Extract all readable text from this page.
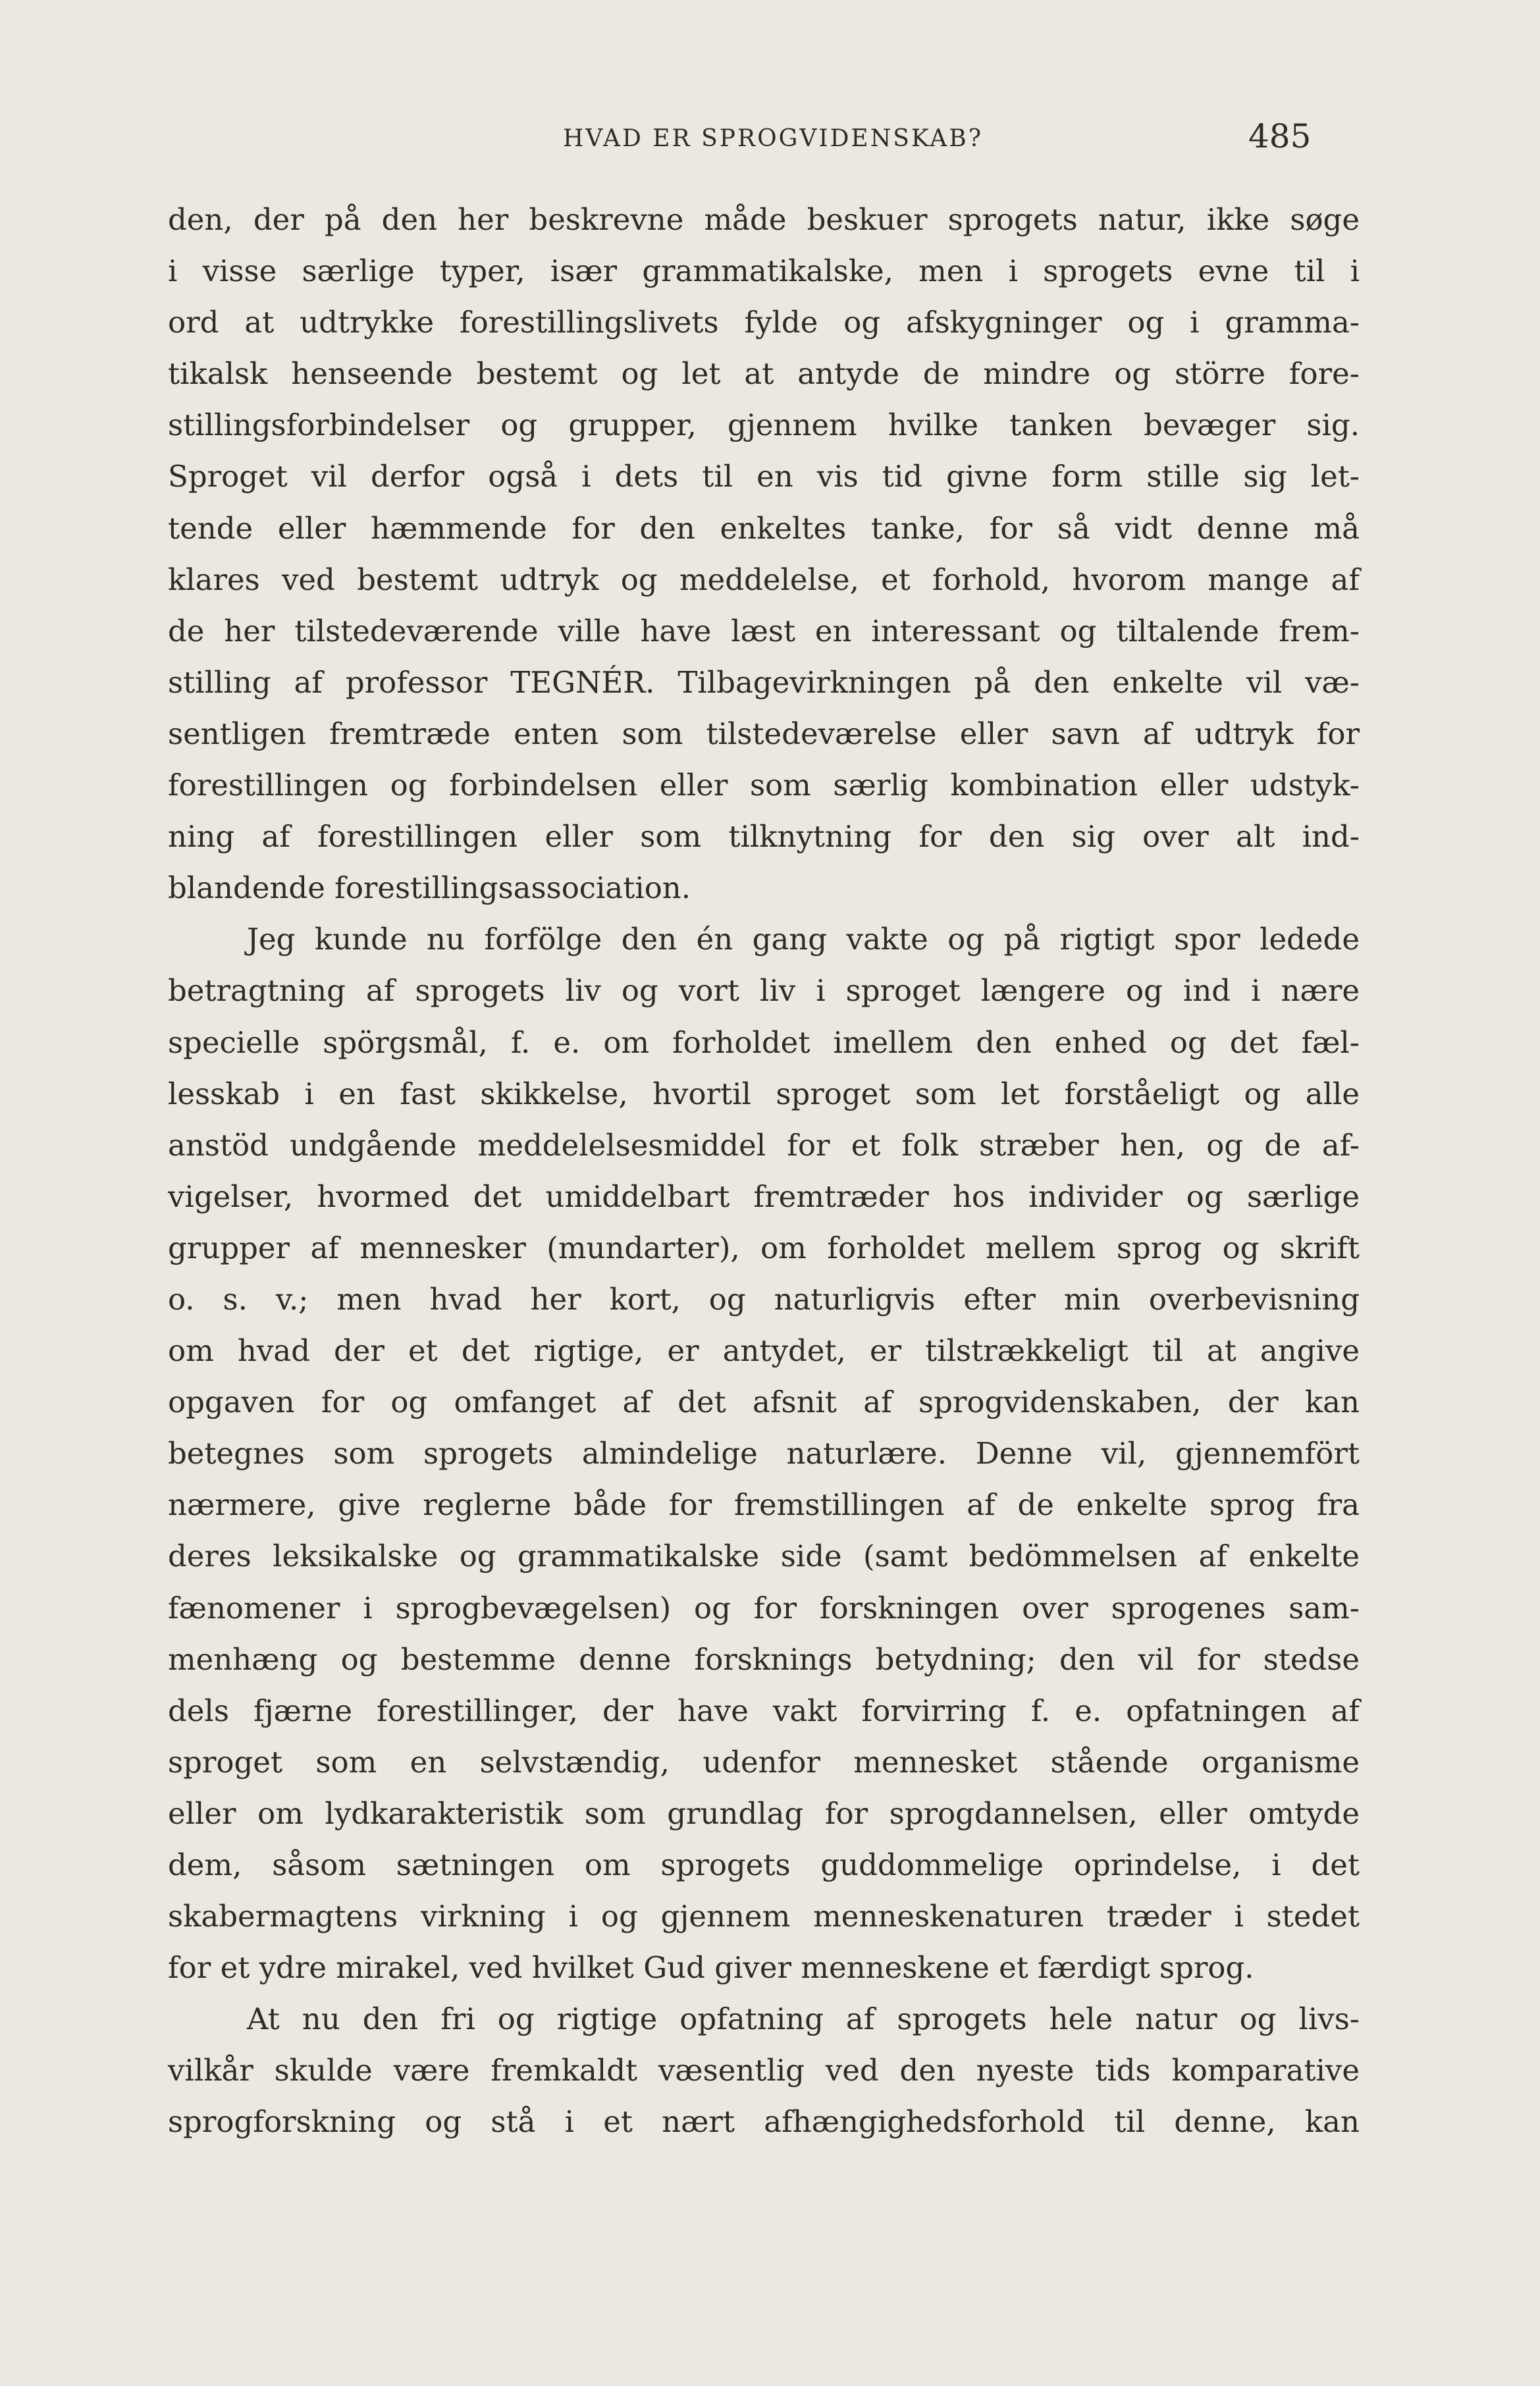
HVAD ER SPROGVIDENSKAB?	485
den, der på den her beskrevne måde beskuer sprogets natur, ikke søge
i visse særlige typer, især grammatikalske, men i sprogets evne til i
ord at udtrykke forestillingslivets fylde og afskygninger og i gramma-
tikalsk henseende bestemt og let at antyde de mindre og större fore-
stillingsforbindelser og grupper, gjennem hvilke tanken bevæger sig.
Sproget vil derfor også i dets til en vis tid givne form stille sig let-
tende eller hæmmende for den enkeltes tanke, for så vidt denne må
klares ved bestemt udtryk og meddelelse, et forhold, hvorom mange af
de her tilstedeværende ville have læst en interessant og tiltalende frem-
stilling af professor TEGNÉR. Tilbagevirkningen på den enkelte vil væ-
sentligen fremtræde enten som tilstedeværelse eller savn af udtryk for
forestillingen og forbindelsen eller som særlig kombination eller udstyk-
ning af forestillingen eller som tilknytning for den sig over alt ind-
blandende forestillingsassociation.
Jeg kunde nu forfölge den én gang vakte og på rigtigt spor ledede
betragtning af sprogets liv og vort liv i sproget længere og ind i nære
specielle spörgsmål, f. e. om forholdet imellem den enhed og det fæl-
lesskab i en fast skikkelse, hvortil sproget som let forståeligt og alle
anstöd undgående meddelelsesmiddel for et folk stræber hen, og de af-
vigelser, hvormed det umiddelbart fremtræder hos individer og særlige
grupper af mennesker (mundarter), om forholdet mellem sprog og skrift
o. s. v.; men hvad her kort, og naturligvis efter min overbevisning
om hvad der et det rigtige, er antydet, er tilstrækkeligt til at angive
opgaven for og omfanget af det afsnit af sprogvidenskaben, der kan
betegnes som sprogets almindelige naturlære. Denne vil, gjennemfört
nærmere, give reglerne både for fremstillingen af de enkelte sprog fra
deres leksikalske og grammatikalske side (samt bedömmelsen af enkelte
fænomener i sprogbevægelsen) og for forskningen over sprogenes sam-
menhæng og bestemme denne forsknings betydning; den vil for stedse
dels fjærne forestillinger, der have vakt forvirring f. e. opfatningen af
sproget som en selvstændig, udenfor mennesket stående organisme
eller om lydkarakteristik som grundlag for sprogdannelsen, eller omtyde
dem, såsom sætningen om sprogets guddommelige oprindelse, i det
skabermagtens virkning i og gjennem menneskenaturen træder i stedet
for et ydre mirakel, ved hvilket Gud giver menneskene et færdigt sprog.
At nu den fri og rigtige opfatning af sprogets hele natur og livs-
vilkår skulde være fremkaldt væsentlig ved den nyeste tids komparative
sprogforskning og stå i et nært afhængighedsforhold til denne, kan
